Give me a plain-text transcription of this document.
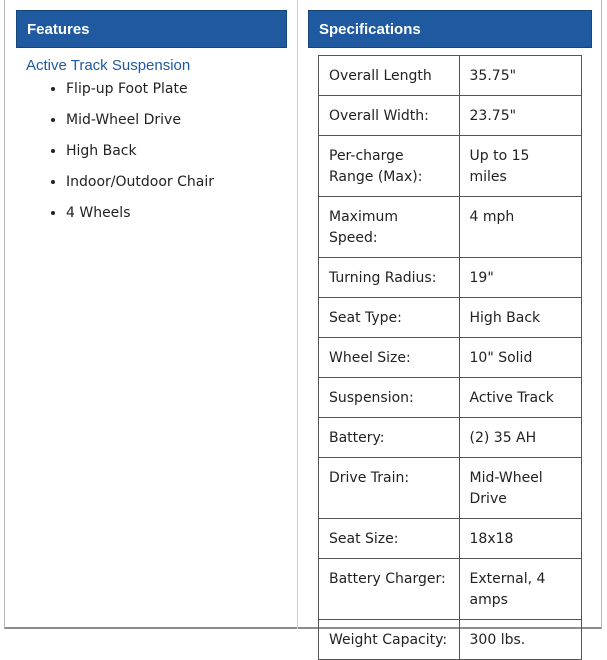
Features	Specifications
Active Track Suspension
• Flip-up Foot Plate
• Mid-Wheel Drive
• High Back
• Indoor/Outdoor Chair
• 4 Wheels
Overall Length	35.75"
Overall Width:	23.75"
Per-charge Range (Max):	Up to 15 miles
Maximum Speed:	4 mph
Turning Radius:	19"
Seat Type:	High Back
Wheel Size:	10" Solid
Suspension:	Active Track
Battery:	(2) 35 AH
Drive Train:	Mid-Wheel Drive
Seat Size:	18x18
Battery Charger:	External, 4 amps
Weight Capacity:	300 lbs.
